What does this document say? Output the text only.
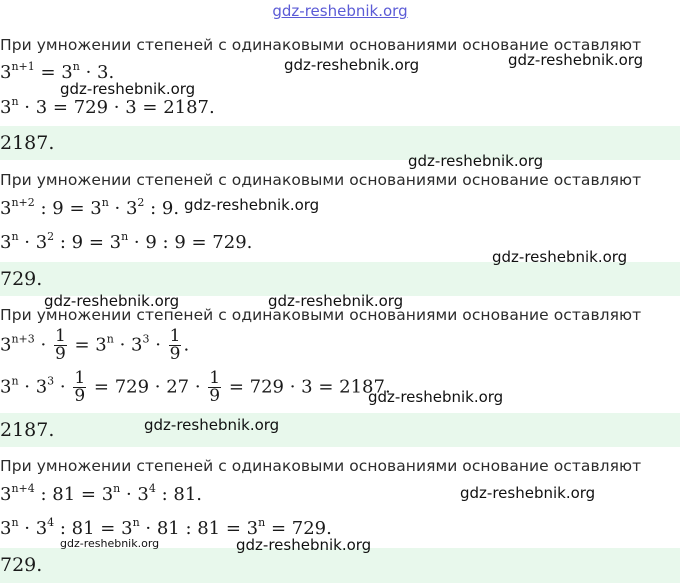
gdz-reshebnik.org
При умножении степеней с одинаковыми основаниями основание оставляют
$3^{n+1} = 3^n \cdot 3$.
$3^n \cdot 3 = 729 \cdot 3 = 2187$.
2187.
При умножении степеней с одинаковыми основаниями основание оставляют
$3^{n+2}$ : $9 = 3^n \cdot 3^2$ : 9.
$3^n \cdot 3^2$ : $9 = 3^n \cdot 9$ : 9 = 729.
729.
При умножении степеней с одинаковыми основаниями основание оставляют
$3^{n+3} \cdot \frac{1}{9} = 3^n \cdot 3^3 \cdot \frac{1}{9}$ .
$3^n \cdot 3^3 \cdot \frac{1}{9} = 729 \cdot 27 \cdot \frac{1}{9} = 729 \cdot 3 = 2187$.
2187.
При умножении степеней с одинаковыми основаниями основание оставляют
$3^{n+4}$ : $81 = 3^n \cdot 3^4$ : 81.
$3^n \cdot 3^4$ : $81 = 3^n \cdot 81$ : $81 = 3^n = 729$.
729.
gdz-reshebnik.org	gdz-reshebnik.org
gdz-reshebnik.org
gdz-reshebnik.org
gdz-reshebnik.org
gdz-reshebnik.org
gdz-reshebnik.org	gdz-reshebnik.org
gdz-reshebnik.org
gdz-reshebnik.org
gdz-reshebnik.org
gdz-reshebnik.org
gdz-reshebnik.org
